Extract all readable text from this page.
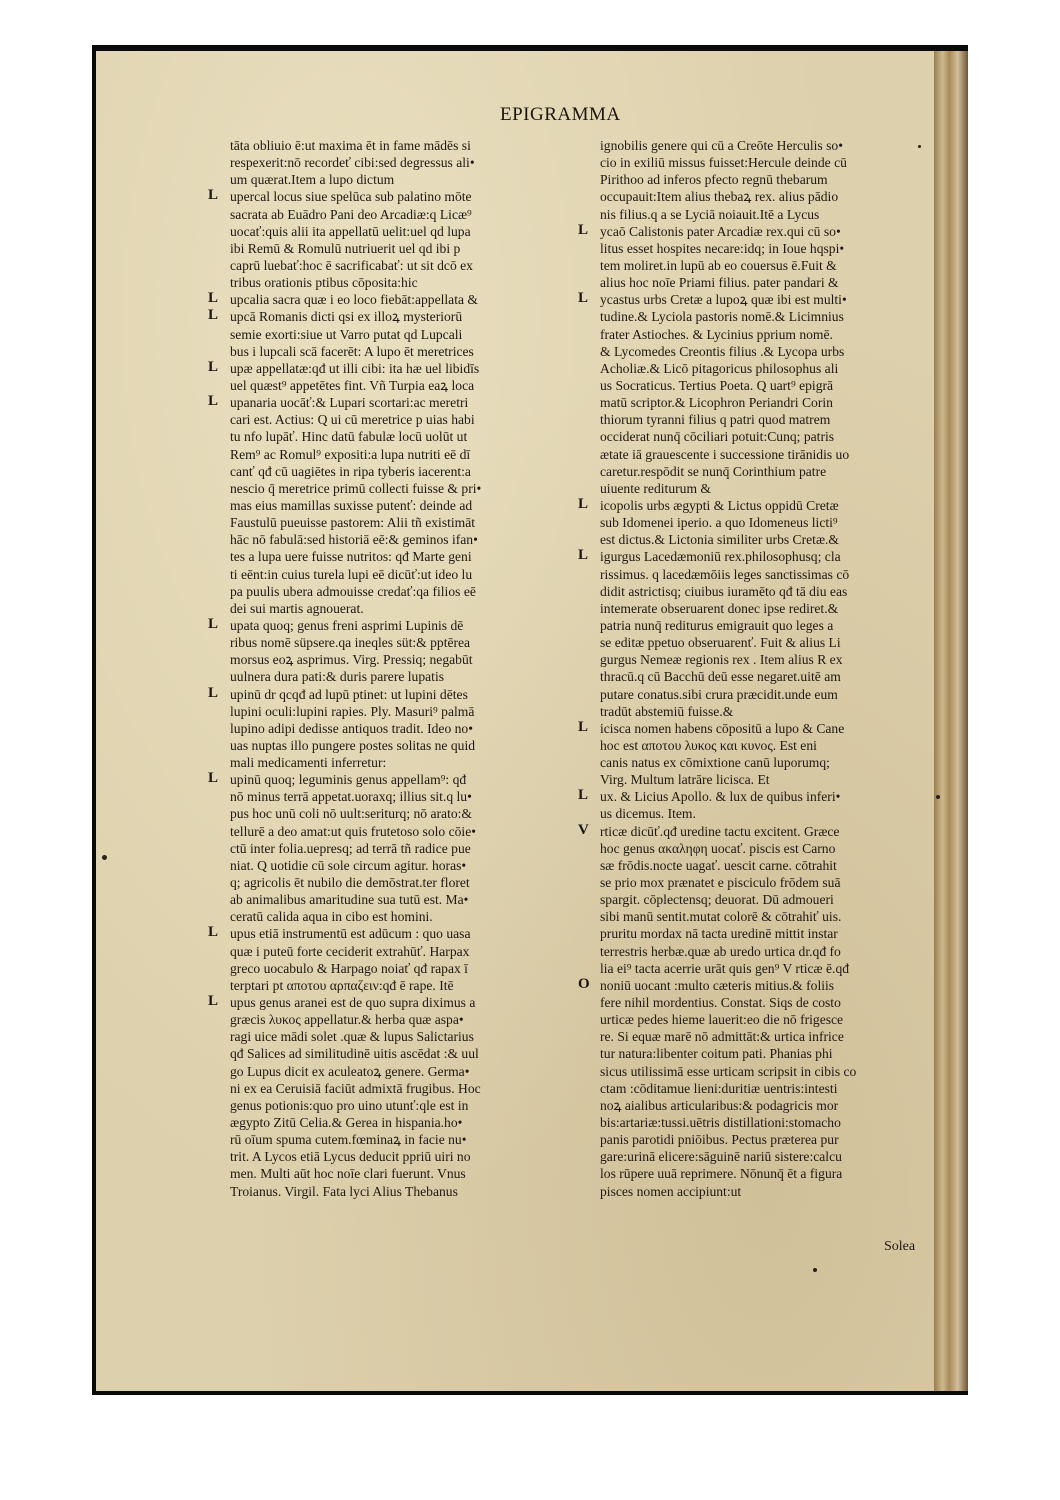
EPIGRAMMA
tāta obliuio ē:ut maxima ēt in fame mādēs si
respexerit:nō recordeť cibi:sed degressus ali•
um quærat.Item a lupo dictum
L upercal locus siue spelūca sub palatino mōte
sacrata ab Euādro Pani deo Arcadiæ:q Licæ⁹
uocať:quis alii ita appellatū uelit:uel qd lupa
ibi Remū & Romulū nutriuerit uel qd ibi p
caprū luebať:hoc ē sacrificabať: ut sit dcō ex
tribus orationis ptibus cōposita:hic
L upcalia sacra quæ i eo loco fiebāt:appellata &
L upcā Romanis dicti qsi ex illoꝝ mysteriorū
semie exorti:siue ut Varro putat qd Lupcali
bus i lupcali scā facerēt: A lupo ēt meretrices
L upæ appellatæ:qđ ut illi cibi: ita hæ uel libidīs
uel quæst⁹ appetētes fint. Vñ Turpia eaꝝ loca
L upanaria uocāť:& Lupari scortari:ac meretri
cari est. Actius: Q ui cū meretrice p uias habi
tu nfo lupāť. Hinc datū fabulæ locū uolūt ut
Rem⁹ ac Romul⁹ expositi:a lupa nutriti eē dī
canť qđ cū uagiētes in ripa tyberis iacerent:a
nescio q̄ meretrice primū collecti fuisse & pri•
mas eius mamillas suxisse putenť: deinde ad
Faustulū pueuisse pastorem: Alii tñ existimāt
hāc nō fabulā:sed historiā eē:& geminos ifan•
tes a lupa uere fuisse nutritos: qđ Marte geni
ti eēnt:in cuius turela lupi eē dicūť:ut ideo lu
pa puulis ubera admouisse credať:qa filios eē
dei sui martis agnouerat.
L upata quoq; genus freni asprimi Lupinis dē
ribus nomē süpsere.qa ineqles süt:& pptērea
morsus eoꝝ asprimus. Virg. Pressiq; negabūt
uulnera dura pati:& duris parere lupatis
L upinū dr qcqđ ad lupū ptinet: ut lupini dētes
lupini oculi:lupini rapies. Ply. Masuri⁹ palmā
lupino adipi dedisse antiquos tradit. Ideo no•
uas nuptas illo pungere postes solitas ne quid
mali medicamenti inferretur:
L upinū quoq; leguminis genus appellam⁹: qđ
nō minus terrā appetat.uoraxq; illius sit.q lu•
pus hoc unū coli nō uult:seriturq; nō arato:&
tellurē a deo amat:ut quis frutetoso solo cōie•
ctū inter folia.uepresq; ad terrā tñ radice pue
niat. Q uotidie cū sole circum agitur. horas•
q; agricolis ēt nubilo die demōstrat.ter floret
ab animalibus amaritudine sua tutū est. Ma•
ceratū calida aqua in cibo est homini.
L upus etiā instrumentū est adūcum : quo uasa
quæ i puteū forte ceciderit extrahūť. Harpax
greco uocabulo & Harpago noiať qđ rapax ī
terptari pt αποτου αρπαζειν:qđ ē rape. Itē
L upus genus aranei est de quo supra diximus a
græcis λυκος appellatur.& herba quæ aspa•
ragi uice mādi solet .quæ & lupus Salictarius
qđ Salices ad similitudinē uitis ascēdat :& uul
go Lupus dicit ex aculeatoꝝ genere. Germa•
ni ex ea Ceruisiā faciūt admixtā frugibus. Hoc
genus potionis:quo pro uino utunť:qle est in
ægypto Zitū Celia.& Gerea in hispania.ho•
rū oīum spuma cutem.fœminaꝝ in facie nu•
trit. A Lycos etiā Lycus deducit ppriū uiri no
men. Multi aūt hoc noīe clari fuerunt. Vnus
Troianus. Virgil. Fata lyci Alius Thebanus
ignobilis genere qui cū a Creōte Herculis so•
cio in exiliū missus fuisset:Hercule deinde cū
Pirithoo ad inferos pfecto regnū thebarum
occupauit:Item alius thebaꝝ rex. alius pādio
nis filius.q a se Lyciā noiauit.Itē a Lycus
L ycaō Calistonis pater Arcadiæ rex.qui cū so•
litus esset hospites necare:idq; in Ioue hqspi•
tem moliret.in lupū ab eo couersus ē.Fuit &
alius hoc noīe Priami filius. pater pandari &
L ycastus urbs Cretæ a lupoꝝ quæ ibi est multi•
tudine.& Lyciola pastoris nomē.& Licimnius
frater Astioches. & Lycinius pprium nomē.
& Lycomedes Creontis filius .& Lycopa urbs
Acholiæ.& Licō pitagoricus philosophus ali
us Socraticus. Tertius Poeta. Q uart⁹ epigrā
matū scriptor.& Licophron Periandri Corin
thiorum tyranni filius q patri quod matrem
occiderat nunq̄ cōciliari potuit:Cunq; patris
ætate iā grauescente i successione tirānidis uo
caretur.respōdit se nunq̄ Corinthium patre
uiuente rediturum &
L icopolis urbs ægypti & Lictus oppidū Cretæ
sub Idomenei iperio. a quo Idomeneus licti⁹
est dictus.& Lictonia similiter urbs Cretæ.&
L igurgus Lacedæmoniū rex.philosophusq; cla
rissimus. q lacedæmōiis leges sanctissimas cō
didit astrictisq; ciuibus iuramēto qđ tā diu eas
intemerate obseruarent donec ipse rediret.&
patria nunq̄ rediturus emigrauit quo leges a
se editæ ppetuo obseruarenť. Fuit & alius Li
gurgus Nemeæ regionis rex . Item alius R ex
thracū.q cū Bacchū deū esse negaret.uitē am
putare conatus.sibi crura præcidit.unde eum
tradūt abstemiū fuisse.&
L icisca nomen habens cōpositū a lupo & Cane
hoc est αποτου λυκος και κυνος. Est eni
canis natus ex cōmixtione canū luporumq;
Virg. Multum latrāre licisca. Et
L ux. & Licius Apollo. & lux de quibus inferi•
us dicemus. Item.
V rticæ dicūť.qđ uredine tactu excitent. Græce
hoc genus ακαληφη uocať. piscis est Carno
sæ frōdis.nocte uagať. uescit carne. cōtrahit
se prio mox prænatet e pisciculo frōdem suā
spargit. cōplectensq; deuorat. Dū admoueri
sibi manū sentit.mutat colorē & cōtrahiť uis.
pruritu mordax nā tacta uredinē mittit instar
terrestris herbæ.quæ ab uredo urtica dr.qđ fo
lia ei⁹ tacta acerrie urāt quis gen⁹ V rticæ ē.qđ
O noniū uocant :multo cæteris mitius.& foliis
fere nihil mordentius. Constat. Siqs de costo
urticæ pedes hieme lauerit:eo die nō frigesce
re. Si equæ marē nō admittāt:& urtica infrice
tur natura:libenter coitum pati. Phanias phi
sicus utilissimā esse urticam scripsit in cibis co
ctam :cōditamue lieni:duritiæ uentris:intesti
noꝝ aialibus articularibus:& podagricis mor
bis:artariæ:tussi.uētris distillationi:stomacho
panis parotidi pniōibus. Pectus præterea pur
gare:urinā elicere:sāguinē nariū sistere:calcu
los rūpere uuā reprimere. Nōnunq̄ ēt a figura
pisces nomen accipiunt:ut
Solea
